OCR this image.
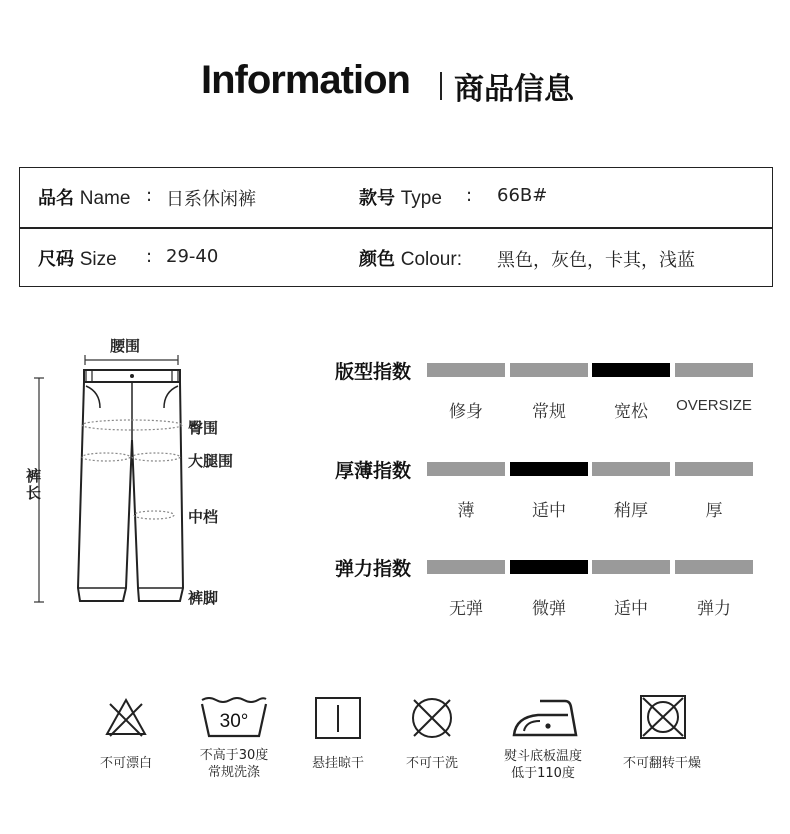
Information 商品信息
品名 Name : 日系休闲裤	款号 Type : 66B#
尺码 Size : 29-40	颜色 Colour: 黑色，灰色，卡其，浅蓝
腰围
臀围
大腿围
中档
裤脚
裤长
版型指数
修身	常规	宽松	OVERSIZE
厚薄指数
薄	适中	稍厚	厚
弹力指数
无弹	微弹	适中	弹力
30°
不可漂白
不高于30度
常规洗涤
悬挂晾干	不可干洗	熨斗底板温度
低于110度
不可翻转干燥
